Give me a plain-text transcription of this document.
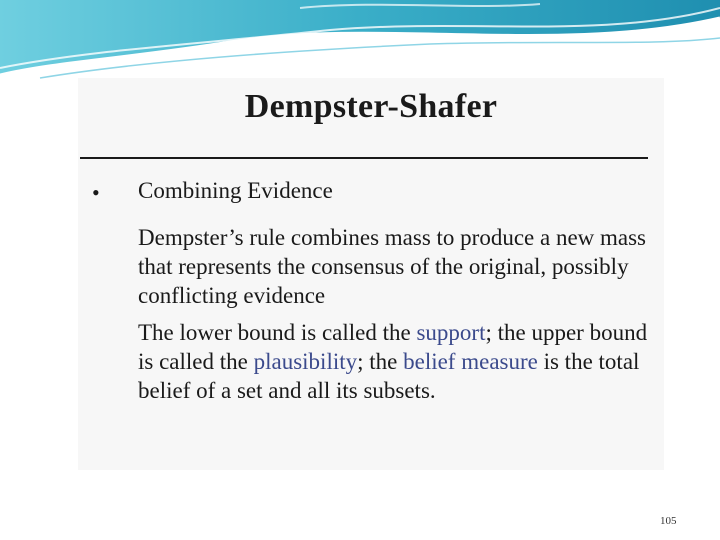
Dempster-Shafer
• Combining Evidence

Dempster’s rule combines mass to produce a new mass that represents the consensus of the original, possibly conflicting evidence

The lower bound is called the support; the upper bound is called the plausibility; the belief measure is the total belief of a set and all its subsets.

105
